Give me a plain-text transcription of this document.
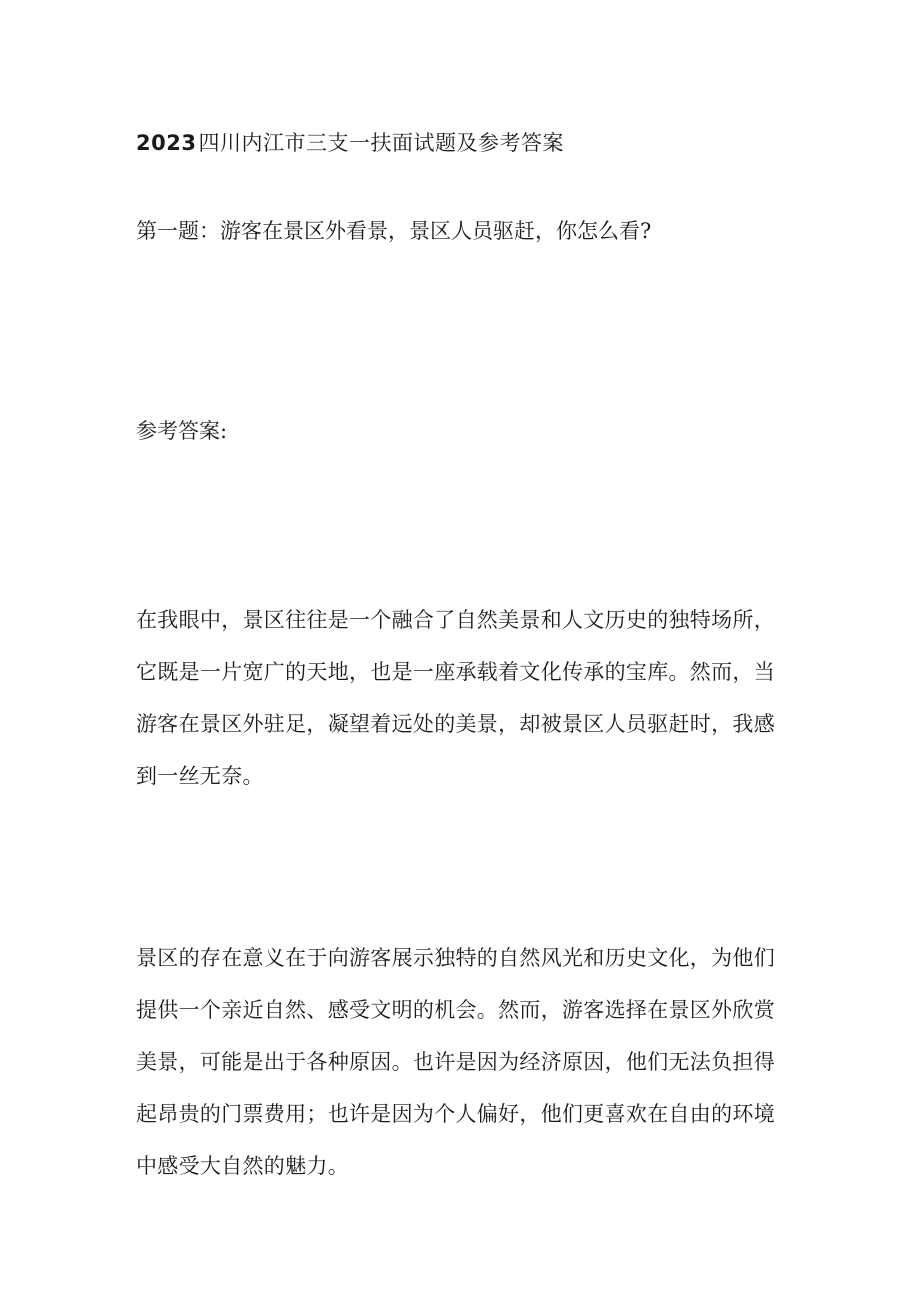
2023四川内江市三支一扶面试题及参考答案

第一题：游客在景区外看景，景区人员驱赶，你怎么看?

参考答案:

在我眼中，景区往往是一个融合了自然美景和人文历史的独特场所，
它既是一片宽广的天地，也是一座承载着文化传承的宝库。然而，当
游客在景区外驻足，凝望着远处的美景，却被景区人员驱赶时，我感
到一丝无奈。
景区的存在意义在于向游客展示独特的自然风光和历史文化，为他们
提供一个亲近自然、感受文明的机会。然而，游客选择在景区外欣赏
美景，可能是出于各种原因。也许是因为经济原因，他们无法负担得
起昂贵的门票费用；也许是因为个人偏好，他们更喜欢在自由的环境
中感受大自然的魅力。
